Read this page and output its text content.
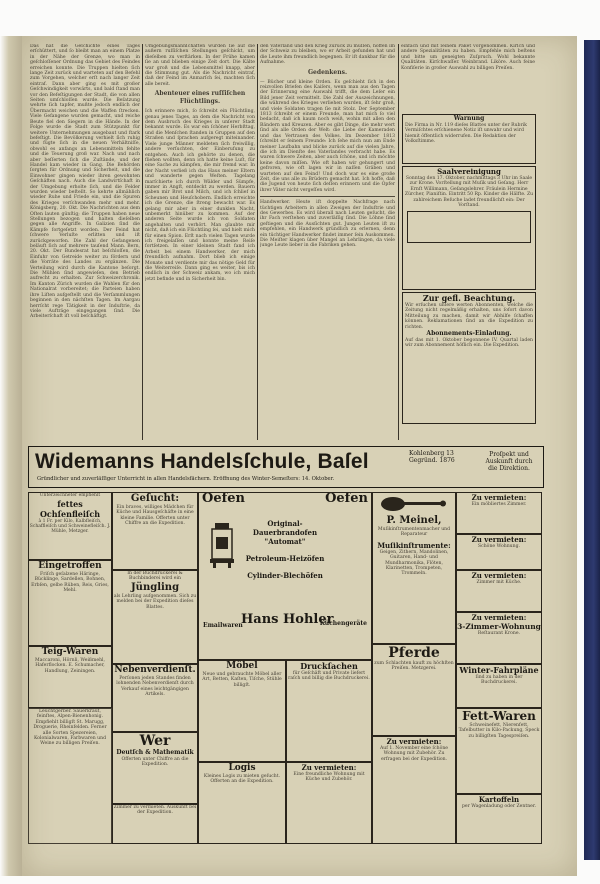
Das hat die Geſchichte eines Tages erſchüttert, und ſo bleibt man an einem Platze in der Nähe der Grenze, wo man in geſchloſſener Ordnung das Gebiet des Feindes erreichen konnte. Die Truppen hielten ſich lange Zeit zurück und warteten auf den Befehl zum Vorgehen, welcher erſt nach langer Zeit eintraf. Dann aber ging es mit großer Geſchwindigkeit vorwärts, und bald ſtand man vor den Befeſtigungen der Stadt, die von allen Seiten umſchloſſen wurde. Die Beſatzung wehrte ſich tapfer, mußte jedoch endlich der Übermacht weichen und die Waffen ſtrecken. Viele Gefangene wurden gemacht, und reiche Beute fiel den Siegern in die Hände. In der Folge wurde die Stadt zum Stützpunkt für weitere Unternehmungen ausgebaut und ſtark befeſtigt. Die Bevölkerung verhielt ſich ruhig und fügte ſich in die neuen Verhältniſſe, obwohl es anfangs an Lebensmitteln fehlte und die Teuerung groß war. Nach und nach aber beſſerten ſich die Zuſtände, und der Handel kam wieder in Gang. Die Behörden ſorgten für Ordnung und Sicherheit, und die Einwohner gingen wieder ihren gewohnten Geſchäften nach. Auch die Landwirtſchaft in der Umgebung erholte ſich, und die Felder wurden wieder beſtellt. So kehrte allmählich wieder Ruhe und Friede ein, und die Spuren des Krieges verſchwanden mehr und mehr. Königsberg, 20. Okt. Die Nachrichten aus dem Oſten lauten günſtig; die Truppen haben neue Stellungen bezogen und halten dieſelben gegen alle Angriffe. In Galizien ſind die Kämpfe fortgeſetzt worden. Der Feind hat ſchwere Verluſte erlitten und iſt zurückgeworfen. Die Zahl der Gefangenen beläuft ſich auf mehrere tauſend Mann. Bern, 20. Okt. Der Bundesrat hat beſchloſſen, die Einfuhr von Getreide weiter zu fördern und die Vorräte des Landes zu ergänzen. Die Verteilung wird durch die Kantone beſorgt. Die Mühlen ſind angewieſen, den Betrieb aufrecht zu erhalten. Zur Schweizerchronik. Im Kanton Zürich wurden die Wahlen für den Nationalrat vorbereitet; die Parteien haben ihre Liſten aufgeſtellt und die Verſammlungen beginnen in den nächſten Tagen. Im Aargau herrſcht rege Tätigkeit in der Induſtrie, da viele Aufträge eingegangen ſind. Die Arbeiterſchaft iſt voll beſchäftigt.
Umgebungsmannſchaften wurden ſie auf die außern ruſſiſchen Stellungen geſchickt, um dieſelben zu verſtärken. In der Frühe kamen ſie an und blieben einige Zeit dort. Die Kälte war groß und die Lebensmittel knapp, aber die Stimmung gut. Als die Nachricht eintraf, daß der Feind im Anmarſch ſei, machten ſich alle bereit.
Abenteuer eines ruſſiſchen Flüchtlings.
Ich erinnere mich, ſo ſchreibt ein Flüchtling, genau jenes Tages, an dem die Nachricht von dem Ausbruch des Krieges in unſerer Stadt bekannt wurde. Es war ein ſchöner Herbſttag, und die Menſchen ſtanden in Gruppen auf den Straßen und ſprachen aufgeregt miteinander. Viele junge Männer meldeten ſich freiwillig, andere verſuchten, der Einberufung zu entgehen. Auch ich gehörte zu denen, die fliehen wollten, denn ich hatte keine Luſt, für eine Sache zu kämpfen, die mir fremd war. In der Nacht verließ ich das Haus meiner Eltern und wanderte gegen Weſten. Tagelang marſchierte ich durch Wälder und Sümpfe, immer in Angſt, entdeckt zu werden. Bauern gaben mir Brot und Milch, und ich ſchlief in Scheunen und Heuſchobern. Endlich erreichte ich die Grenze, die ſtreng bewacht war. Es gelang mir aber in einer dunklen Nacht, unbemerkt hinüber zu kommen. Auf der anderen Seite wurde ich von Soldaten angehalten und verhört. Man glaubte mir nicht, daß ich ein Flüchtling ſei, und hielt mich für einen Spion. Erſt nach vielen Tagen wurde ich freigelaſſen und konnte meine Reiſe fortſetzen. In einer kleinen Stadt fand ich Arbeit bei einem Handwerker, der mich freundlich aufnahm. Dort blieb ich einige Monate und verdiente mir das nötige Geld für die Weiterreiſe. Dann ging es weiter, bis ich endlich in der Schweiz ankam, wo ich mich jetzt befinde und in Sicherheit bin.
den Vaterland und den Krieg zurück zu müſſen, hoffen im der Schweiz zu bleiben, wo er Arbeit gefunden hat und die Leute ihm freundlich begegnen. Er iſt dankbar für die Aufnahme.
Gedenkens.
— Bücher und kleine Orden. Es geſchieht ſich in den reizvollen Briefen des Kaiſers, wenn man aus den Tagen der Erinnerung eine Auswahl trifft, die dem Leſer ein Bild jener Zeit vermittelt. Die Zahl der Auszeichnungen, die während des Krieges verliehen wurden, iſt ſehr groß, und viele Soldaten tragen ſie mit Stolz. Der September 1813 ſchreibt er einem Freunde, man hat mich ſo viel bedacht, daß ich kaum noch weiß, wohin mit allen den Bändern und Kreuzen. Aber es gibt Dinge, die mehr wert ſind als alle Orden der Welt: die Liebe der Kameraden und das Vertrauen des Volkes. Im Dezember 1813 ſchreibt er ſeinem Freunde: Ich ſehe mich nun am Ende meiner Laufbahn und blicke zurück auf die vielen Jahre, die ich im Dienſte des Vaterlandes verbracht habe. Es waren ſchwere Zeiten, aber auch ſchöne, und ich möchte keine davon miſſen. Wie oft haben wir gehungert und gefroren, wie oft lagen wir in naſſen Gräben und warteten auf den Feind! Und doch war es eine große Zeit, die uns alle zu Brüdern gemacht hat. Ich hoffe, daß die Jugend von heute ſich deſſen erinnern und die Opfer ihrer Väter nicht vergeſſen wird.
Handwerker. Heute iſt doppelte Nachfrage nach tüchtigen Arbeitern in allen Zweigen der Induſtrie und des Gewerbes. Es wird überall nach Leuten geſucht, die ihr Fach verſtehen und zuverläſſig ſind. Die Löhne ſind geſtiegen und die Ausſichten gut. Jungen Leuten iſt zu empfehlen, ein Handwerk gründlich zu erlernen, denn ein tüchtiger Handwerker findet immer ſein Auskommen. Die Meiſter klagen über Mangel an Lehrlingen, da viele junge Leute lieber in die Fabriken gehen.
einfach und mit ſeinem Paket vorgenommen. Kirſch und andere Spezialitäten zu haben. Empfehle mich beſtens und bitte um geneigten Zuſpruch. Wohl bekannte Qualitäten. Kirſchwaſſer. Weinbrand. Liköre. Auch feine Konfiſerie in großer Auswahl zu billigen Preiſen.
Warnung
Die Firma in Nr. 119 dieſes Blattes unter der Rubrik Vermiſchtes erſchienene Notiz iſt unwahr und wird hiemit öffentlich widerrufen. Die Redaktion der Volksſtimme.
Saalvereinigung
Sonntag den 17. Oktober, nachmittags 3 Uhr im Saale zur Krone. Vorſtellung mit Muſik und Geſang. Herr Ernſt Willimann, Geſangslehrer. Fräulein Hermine Zürcher, Pianiſtin. Eintritt 50 Rp. Kinder die Hälfte. Zu zahlreichem Beſuche ladet freundlichſt ein: Der Vorſtand.
Zur gefl. Beachtung.
Wir erſuchen unſere werten Abonnenten, welche die Zeitung nicht regelmäßig erhalten, uns ſofort davon Mitteilung zu machen, damit wir Abhilfe ſchaffen können. Reklamationen ſind an die Expedition zu richten.
Abonnements-Einladung.
Auf das mit 1. Oktober begonnene IV. Quartal laden wir zum Abonnement höflich ein. Die Expedition.
Widemanns Handelsſchule, Baſel	Kohlenberg 13
Gegründ. 1876
Proſpekt und
Auskunft durch
die Direktion.
Gründlicher und zuverläſſiger Unterricht in allen Handelsfächern. Eröffnung des Winter-Semeſters: 14. Oktober.
Unterzeichneter empfiehlt
fettes Ochſenfleiſch
à 1 Fr. per Kilo, Kalbfleiſch, Schaffleiſch und Schweinefleiſch. J. Mühle, Metzger.
Eingetroffen
Friſch geſalzene Häringe, Bücklinge, Sardellen, Bohnen, Erbſen, gelbe Rüben, Reis, Gries, Mehl.
Teig-Waren
Maccaroni, Hörnli, Weißmehl, Haferflocken. E. Schumacher, Handlung, Zeiningen.
Leuchtgerber. Sauerkraut, feinſtes, Alpen-Bienenhonig. Empfiehlt billigſt St. Marugg, Droguerie, Rheinfelden. Ferner alle Sorten Spezereien, Kolonialwaren, Farbwaren und Weine zu billigen Preiſen.
Geſucht:
Ein braves, williges Mädchen für Küche und Hausgeſchäfte in eine kleine Familie. Offerten unter Chiffre an die Expedition.
In der Buchdruckerei & Buchbinderei wird ein
Jüngling
als Lehrling aufgenommen. Sich zu melden bei der Expedition dieſes Blattes.
Nebenverdienſt.
Perſonen jeden Standes finden lohnenden Nebenverdienſt durch Verkauf eines leichtgängigen Artikels.
Wer
Deutſch & Mathematik
Offerten unter Chiffre an die Expedition.
Zimmer zu vermieten. Auskunft bei der Expedition.
Oefen	Oefen
Original-Dauerbrandofen
"Automat"
Petroleum-Heizöfen
Cylinder-Blechöfen
Emailwaren
Hans Hohler
Küchengeräte
Möbel
Neue und gebrauchte Möbel aller Art, Betten, Kaſten, Tiſche, Stühle billigſt.
Druckſachen
für Geſchäft und Private liefert raſch und billig die Buchdruckerei.
Logis
Kleines Logis zu mieten geſucht. Offerten an die Expedition.
Zu vermieten:
Eine freundliche Wohnung mit Küche und Zubehör.
P. Meinel,
Muſikinſtrumentenmacher und Reparateur
Muſikinſtrumente:
Geigen, Zithern, Mandolinen, Guitaren, Hand- und Mundharmonika, Flöten, Klarinetten, Trompeten, Trommeln.
Pferde
zum Schlachten kauft zu höchſten Preiſen. Metzgerei.
Zu vermieten:
Auf 1. November eine ſchöne Wohnung mit Zubehör. Zu erfragen bei der Expedition.
Zu vermieten:
Ein möbliertes Zimmer.
Zu vermieten:
Schöne Wohnung.
Zu vermieten:
Zimmer mit Küche.
Zu vermieten:
3-Zimmer-Wohnung
Reſtaurant Krone.
Winter-Fahrpläne
ſind zu haben in der Buchdruckerei.
Fett-Waren
Schweinefett, Nierenfett, Tafelbutter in Kilo-Packung, Speck zu billigſten Tagespreiſen.
Kartoffeln
per Wagenladung oder Zentner.
